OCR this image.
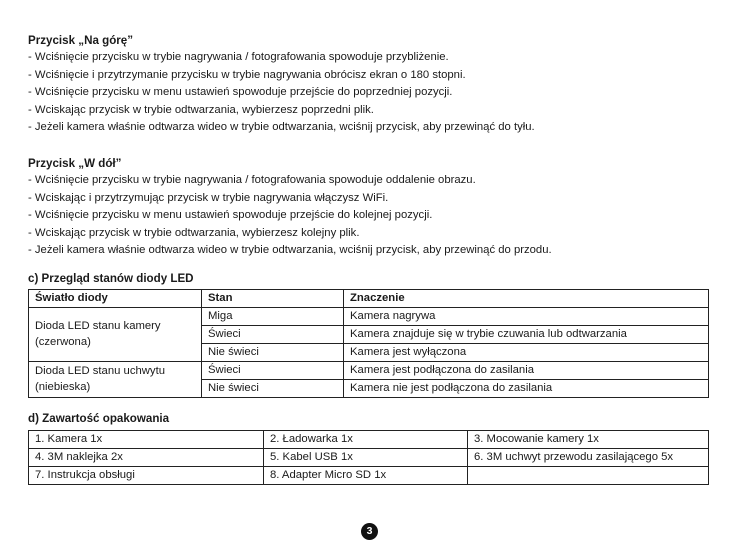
Przycisk „Na górę”
- Wciśnięcie przycisku w trybie nagrywania / fotografowania spowoduje przybliżenie.
- Wciśnięcie i przytrzymanie przycisku w trybie nagrywania obrócisz ekran o 180 stopni.
- Wciśnięcie przycisku w menu ustawień spowoduje przejście do poprzedniej pozycji.
- Wciskając przycisk w trybie odtwarzania, wybierzesz poprzedni plik.
- Jeżeli kamera właśnie odtwarza wideo w trybie odtwarzania, wciśnij przycisk, aby przewinąć do tyłu.
Przycisk „W dół”
- Wciśnięcie przycisku w trybie nagrywania / fotografowania spowoduje oddalenie obrazu.
- Wciskając i przytrzymując przycisk w trybie nagrywania włączysz WiFi.
- Wciśnięcie przycisku w menu ustawień spowoduje przejście do kolejnej pozycji.
- Wciskając przycisk w trybie odtwarzania, wybierzesz kolejny plik.
- Jeżeli kamera właśnie odtwarza wideo w trybie odtwarzania, wciśnij przycisk, aby przewinąć do przodu.
c) Przegląd stanów diody LED
Światło diody	Stan	Znaczenie
Dioda LED stanu kamery (czerwona)	Miga	Kamera nagrywa
	Świeci	Kamera znajduje się w trybie czuwania lub odtwarzania
	Nie świeci	Kamera jest wyłączona
Dioda LED stanu uchwytu (niebieska)	Świeci	Kamera jest podłączona do zasilania
	Nie świeci	Kamera nie jest podłączona do zasilania
d) Zawartość opakowania
1. Kamera 1x	2. Ładowarka 1x	3. Mocowanie kamery 1x
4. 3M naklejka 2x	5. Kabel USB 1x	6. 3M uchwyt przewodu zasilającego 5x
7. Instrukcja obsługi	8. Adapter Micro SD 1x	
3
